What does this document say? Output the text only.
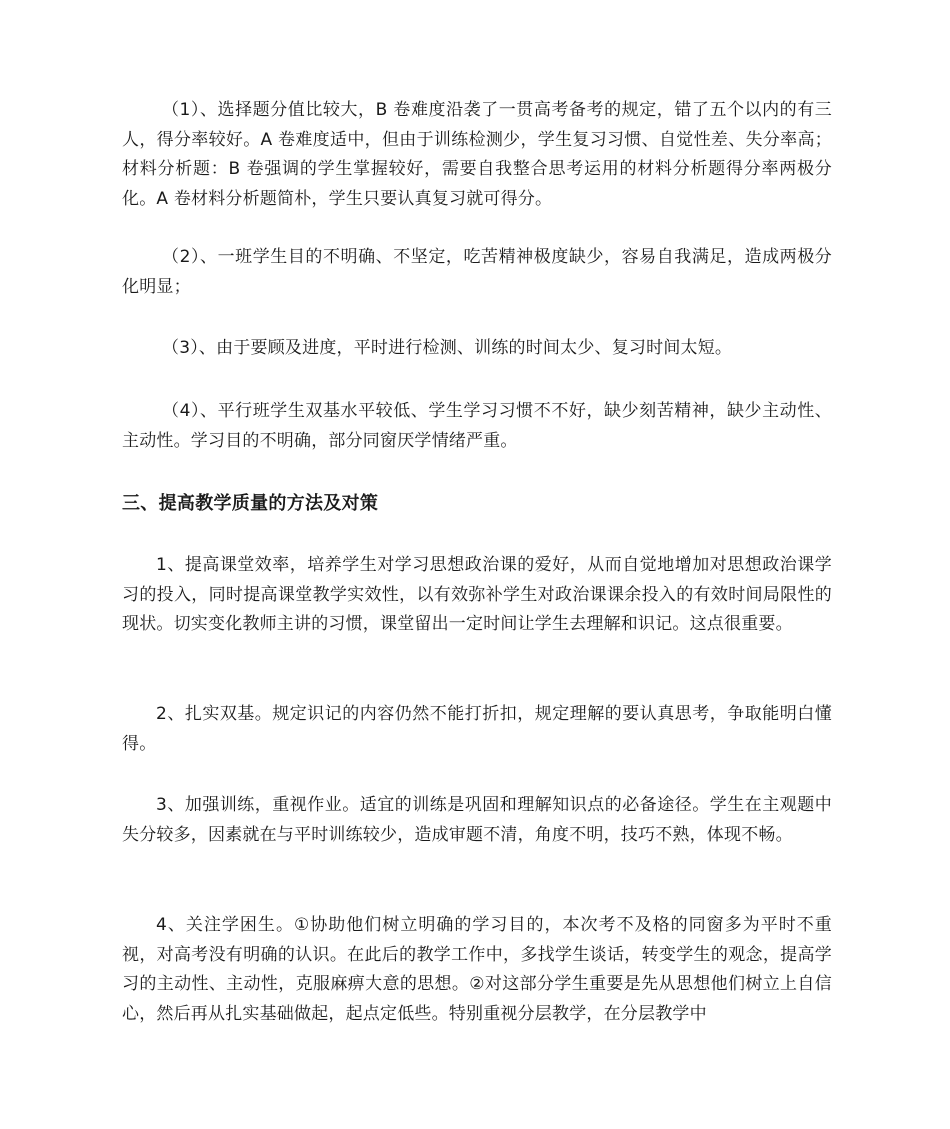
（1）、选择题分值比较大，B 卷难度沿袭了一贯高考备考的规定，错了五个以内的有三人，得分率较好。A 卷难度适中，但由于训练检测少，学生复习习惯、自觉性差、失分率高；材料分析题：B 卷强调的学生掌握较好，需要自我整合思考运用的材料分析题得分率两极分化。A 卷材料分析题简朴，学生只要认真复习就可得分。

（2）、一班学生目的不明确、不坚定，吃苦精神极度缺少，容易自我满足，造成两极分化明显；

（3）、由于要顾及进度，平时进行检测、训练的时间太少、复习时间太短。

（4）、平行班学生双基水平较低、学生学习习惯不不好，缺少刻苦精神，缺少主动性、主动性。学习目的不明确，部分同窗厌学情绪严重。

三、提高教学质量的方法及对策

1、提高课堂效率，培养学生对学习思想政治课的爱好，从而自觉地增加对思想政治课学习的投入，同时提高课堂教学实效性，以有效弥补学生对政治课课余投入的有效时间局限性的现状。切实变化教师主讲的习惯，课堂留出一定时间让学生去理解和识记。这点很重要。

2、扎实双基。规定识记的内容仍然不能打折扣，规定理解的要认真思考，争取能明白懂得。

3、加强训练，重视作业。适宜的训练是巩固和理解知识点的必备途径。学生在主观题中失分较多，因素就在与平时训练较少，造成审题不清，角度不明，技巧不熟，体现不畅。

4、关注学困生。①协助他们树立明确的学习目的，本次考不及格的同窗多为平时不重视，对高考没有明确的认识。在此后的教学工作中，多找学生谈话，转变学生的观念，提高学习的主动性、主动性，克服麻痹大意的思想。②对这部分学生重要是先从思想他们树立上自信心，然后再从扎实基础做起，起点定低些。特别重视分层教学，在分层教学中
